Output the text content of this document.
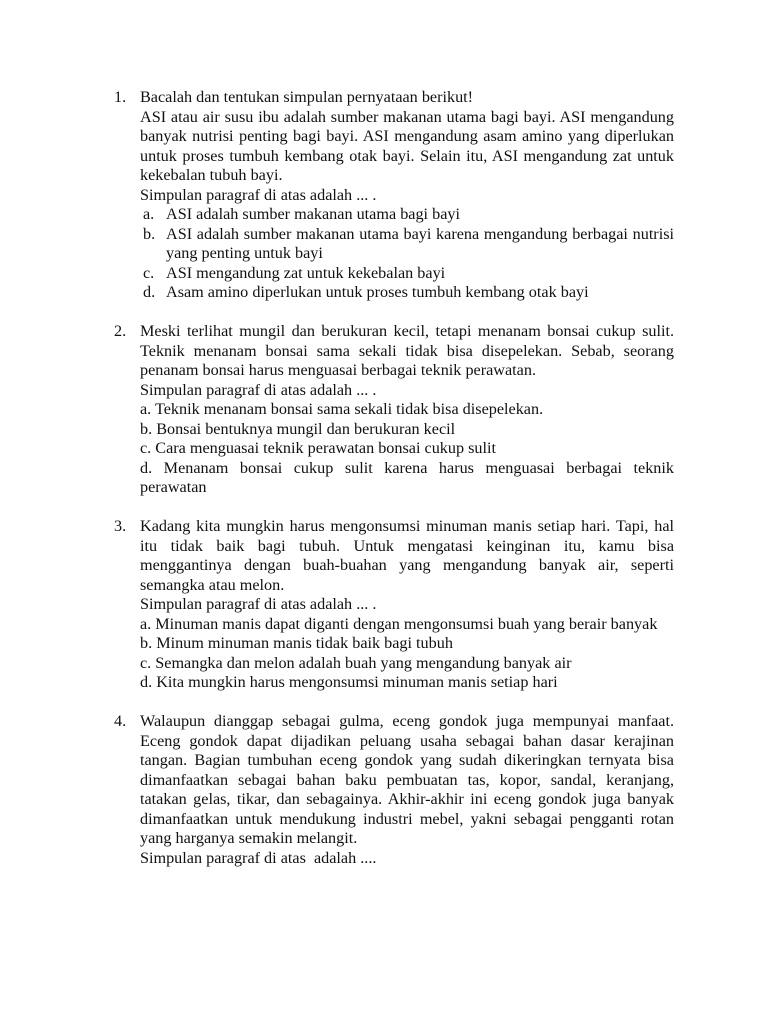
1. Bacalah dan tentukan simpulan pernyataan berikut!
ASI atau air susu ibu adalah sumber makanan utama bagi bayi. ASI mengandung banyak nutrisi penting bagi bayi. ASI mengandung asam amino yang diperlukan untuk proses tumbuh kembang otak bayi. Selain itu, ASI mengandung zat untuk kekebalan tubuh bayi.
Simpulan paragraf di atas adalah ... .
a. ASI adalah sumber makanan utama bagi bayi
b. ASI adalah sumber makanan utama bayi karena mengandung berbagai nutrisi yang penting untuk bayi
c. ASI mengandung zat untuk kekebalan bayi
d. Asam amino diperlukan untuk proses tumbuh kembang otak bayi
2. Meski terlihat mungil dan berukuran kecil, tetapi menanam bonsai cukup sulit. Teknik menanam bonsai sama sekali tidak bisa disepelekan. Sebab, seorang penanam bonsai harus menguasai berbagai teknik perawatan.
Simpulan paragraf di atas adalah ... .
a. Teknik menanam bonsai sama sekali tidak bisa disepelekan.
b. Bonsai bentuknya mungil dan berukuran kecil
c. Cara menguasai teknik perawatan bonsai cukup sulit
d. Menanam bonsai cukup sulit karena harus menguasai berbagai teknik perawatan
3. Kadang kita mungkin harus mengonsumsi minuman manis setiap hari. Tapi, hal itu tidak baik bagi tubuh. Untuk mengatasi keinginan itu, kamu bisa menggantinya dengan buah-buahan yang mengandung banyak air, seperti semangka atau melon.
Simpulan paragraf di atas adalah ... .
a. Minuman manis dapat diganti dengan mengonsumsi buah yang berair banyak
b. Minum minuman manis tidak baik bagi tubuh
c. Semangka dan melon adalah buah yang mengandung banyak air
d. Kita mungkin harus mengonsumsi minuman manis setiap hari
4. Walaupun dianggap sebagai gulma, eceng gondok juga mempunyai manfaat. Eceng gondok dapat dijadikan peluang usaha sebagai bahan dasar kerajinan tangan. Bagian tumbuhan eceng gondok yang sudah dikeringkan ternyata bisa dimanfaatkan sebagai bahan baku pembuatan tas, kopor, sandal, keranjang, tatakan gelas, tikar, dan sebagainya. Akhir-akhir ini eceng gondok juga banyak dimanfaatkan untuk mendukung industri mebel, yakni sebagai pengganti rotan yang harganya semakin melangit.
Simpulan paragraf di atas  adalah ....
